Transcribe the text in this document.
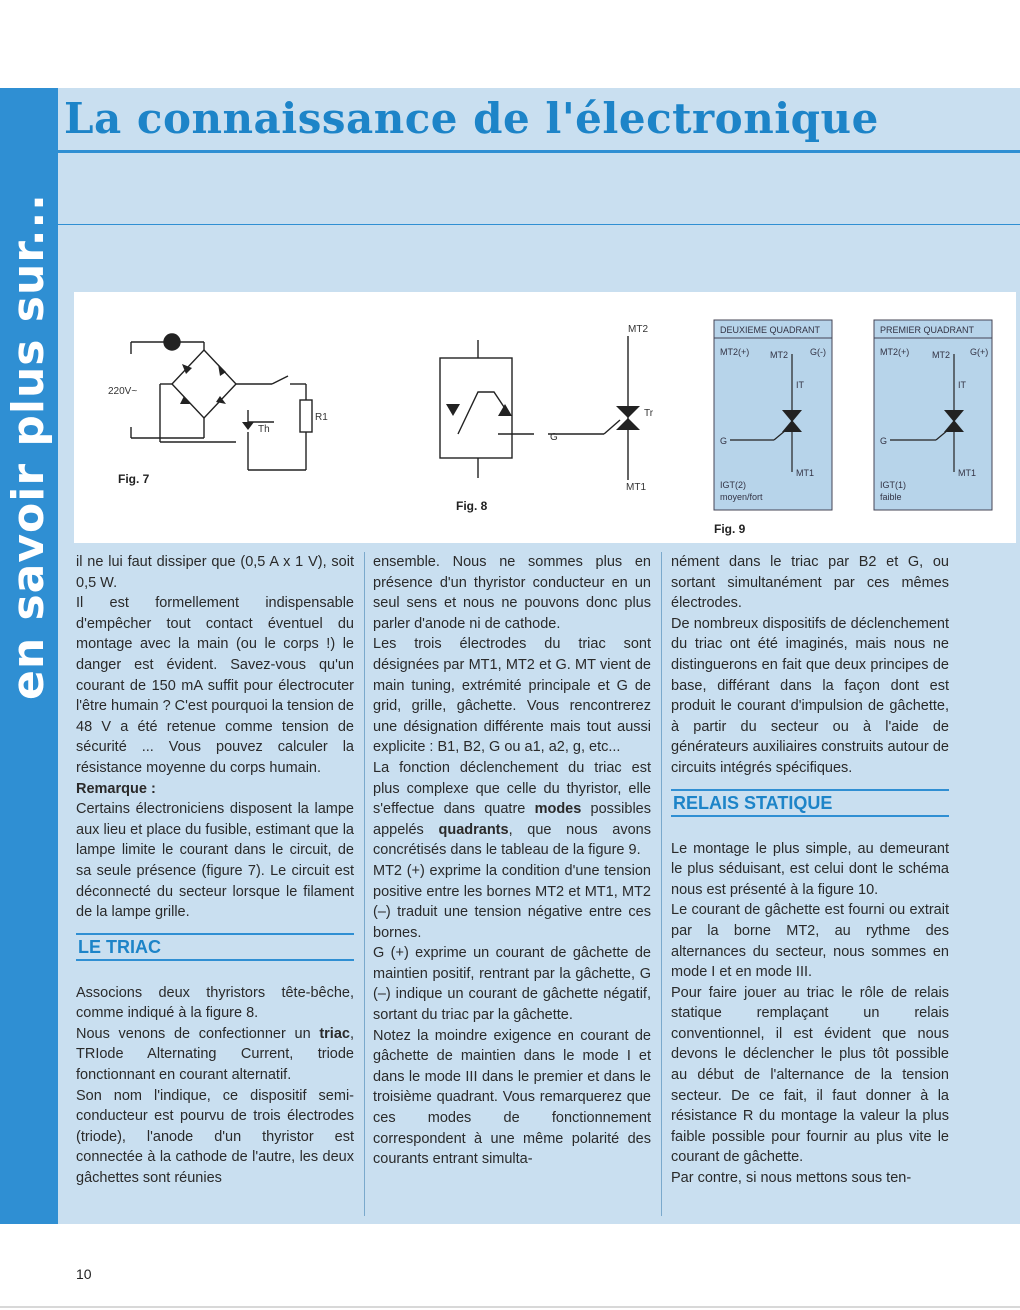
en savoir plus sur...
La connaissance de l'électronique
220V~
Th
R1
MT2
MT1
G
Tr
DEUXIEME QUADRANT
MT2(+) MT2 G(-)
IT
G
MT1
IGT(2)
moyen/fort
PREMIER QUADRANT
MT2(+)	MT2 G(+)
IT
G
MT1
IGT(1)
faible
Fig. 7
Fig. 8
Fig. 9

il ne lui faut dissiper que (0,5 A x 1 V), soit 0,5 W.

Il est formellement indispensable d'empêcher tout contact éventuel du montage avec la main (ou le corps !) le danger est évident. Savez-vous qu'un courant de 150 mA suffit pour électrocuter l'être humain ? C'est pourquoi la tension de 48 V a été retenue comme tension de sécurité ... Vous pouvez calculer la résistance moyenne du corps humain.

Remarque :

Certains électroniciens disposent la lampe aux lieu et place du fusible, estimant que la lampe limite le courant dans le circuit, de sa seule présence (figure 7). Le circuit est déconnecté du secteur lorsque le filament de la lampe grille.

LE TRIAC

Associons deux thyristors tête-bêche, comme indiqué à la figure 8.

Nous venons de confectionner un triac, TRIode Alternating Current, triode fonctionnant en courant alternatif.

Son nom l'indique, ce dispositif semi-conducteur est pourvu de trois électrodes (triode), l'anode d'un thyristor est connectée à la cathode de l'autre, les deux gâchettes sont réunies

ensemble. Nous ne sommes plus en présence d'un thyristor conducteur en un seul sens et nous ne pouvons donc plus parler d'anode ni de cathode.

Les trois électrodes du triac sont désignées par MT1, MT2 et G. MT vient de main tuning, extrémité principale et G de grid, grille, gâchette. Vous rencontrerez une désignation différente mais tout aussi explicite : B1, B2, G ou a1, a2, g, etc...

La fonction déclenchement du triac est plus complexe que celle du thyristor, elle s'effectue dans quatre modes possibles appelés quadrants, que nous avons concrétisés dans le tableau de la figure 9.

MT2 (+) exprime la condition d'une tension positive entre les bornes MT2 et MT1, MT2 (–) traduit une tension négative entre ces bornes.

G (+) exprime un courant de gâchette de maintien positif, rentrant par la gâchette, G (–) indique un courant de gâchette négatif, sortant du triac par la gâchette.

Notez la moindre exigence en courant de gâchette de maintien dans le mode I et dans le mode III dans le premier et dans le troisième quadrant. Vous remarquerez que ces modes de fonctionnement correspondent à une même polarité des courants entrant simulta-

nément dans le triac par B2 et G, ou sortant simultanément par ces mêmes électrodes.

De nombreux dispositifs de déclenchement du triac ont été imaginés, mais nous ne distinguerons en fait que deux principes de base, différant dans la façon dont est produit le courant d'impulsion de gâchette, à partir du secteur ou à l'aide de générateurs auxiliaires construits autour de circuits intégrés spécifiques.

RELAIS STATIQUE

Le montage le plus simple, au demeurant le plus séduisant, est celui dont le schéma nous est présenté à la figure 10.

Le courant de gâchette est fourni ou extrait par la borne MT2, au rythme des alternances du secteur, nous sommes en mode I et en mode III.

Pour faire jouer au triac le rôle de relais statique remplaçant un relais conventionnel, il est évident que nous devons le déclencher le plus tôt possible au début de l'alternance de la tension secteur. De ce fait, il faut donner à la résistance R du montage la valeur la plus faible possible pour fournir au plus vite le courant de gâchette.

Par contre, si nous mettons sous ten-

10
